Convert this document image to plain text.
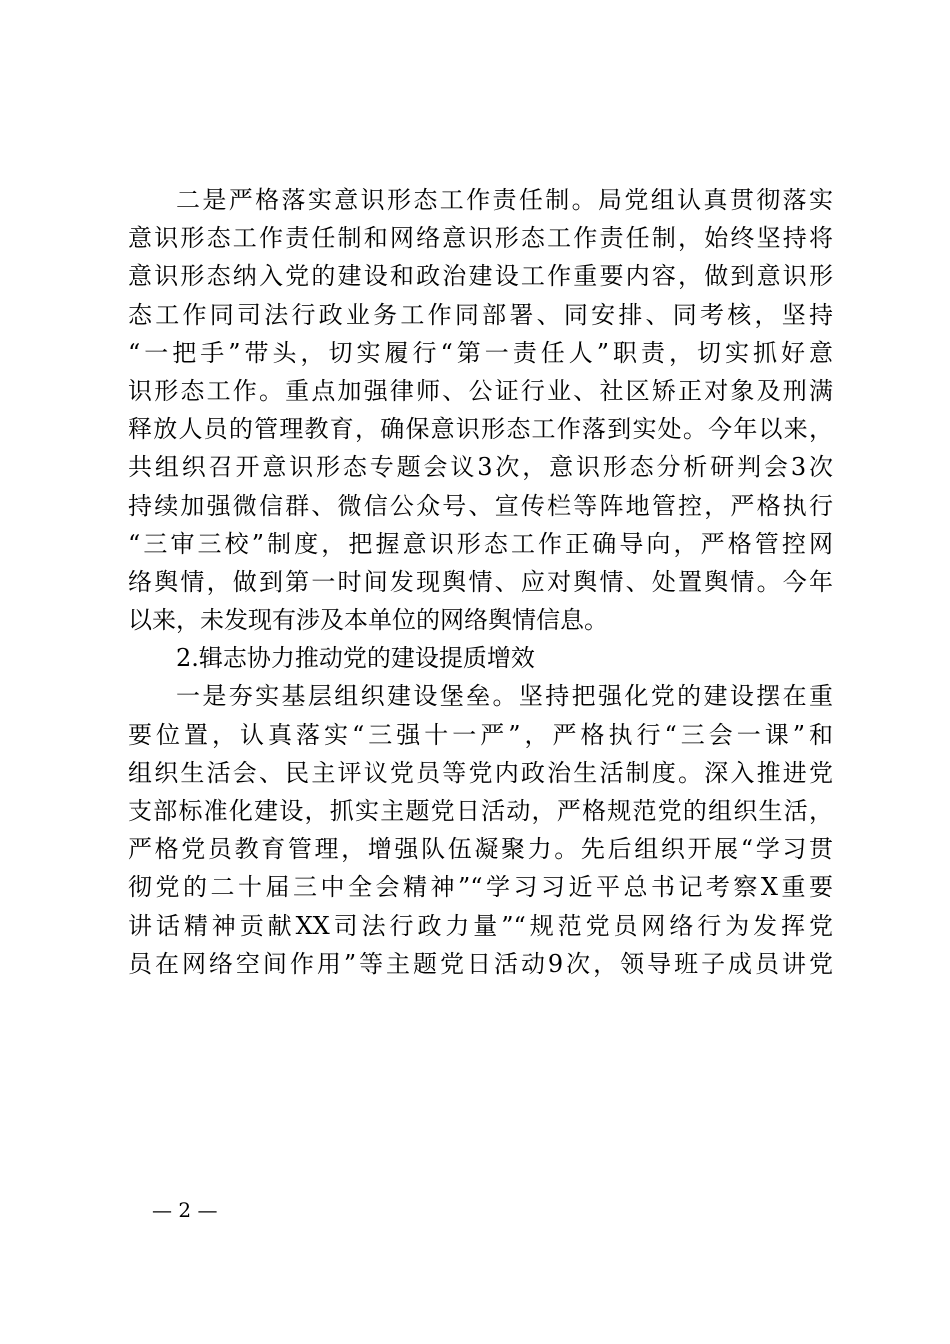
二是严格落实意识形态工作责任制。局党组认真贯彻落实
意识形态工作责任制和网络意识形态工作责任制，始终坚持将
意识形态纳入党的建设和政治建设工作重要内容，做到意识形
态工作同司法行政业务工作同部署、同安排、同考核，坚持
“一把手”带头，切实履行“第一责任人”职责，切实抓好意
识形态工作。重点加强律师、公证行业、社区矫正对象及刑满
释放人员的管理教育，确保意识形态工作落到实处。今年以来，
共组织召开意识形态专题会议3次，意识形态分析研判会3次
持续加强微信群、微信公众号、宣传栏等阵地管控，严格执行
“三审三校”制度，把握意识形态工作正确导向，严格管控网
络舆情，做到第一时间发现舆情、应对舆情、处置舆情。今年
以来，未发现有涉及本单位的网络舆情信息。
2.辑志协力推动党的建设提质增效
一是夯实基层组织建设堡垒。坚持把强化党的建设摆在重
要位置，认真落实“三强十一严”，严格执行“三会一课”和
组织生活会、民主评议党员等党内政治生活制度。深入推进党
支部标准化建设，抓实主题党日活动，严格规范党的组织生活，
严格党员教育管理，增强队伍凝聚力。先后组织开展“学习贯
彻党的二十届三中全会精神”“学习习近平总书记考察X重要
讲话精神贡献XX司法行政力量”“规范党员网络行为发挥党
员在网络空间作用”等主题党日活动9次，领导班子成员讲党
— 2 —
